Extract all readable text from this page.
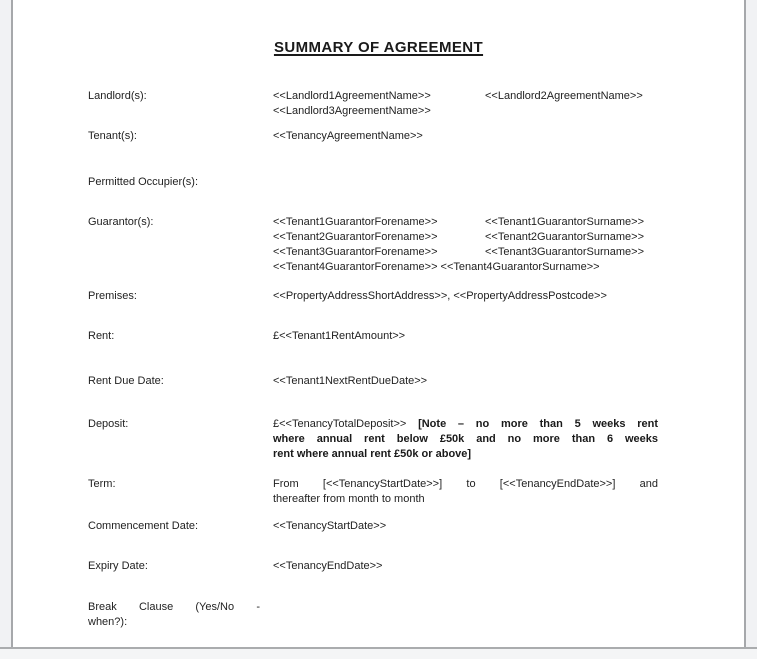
SUMMARY OF AGREEMENT
Landlord(s):	<<Landlord1AgreementName>>	<<Landlord2AgreementName>>
<<Landlord3AgreementName>>
Tenant(s):	<<TenancyAgreementName>>
Permitted Occupier(s):
Guarantor(s):	<<Tenant1GuarantorForename>>	<<Tenant1GuarantorSurname>>
<<Tenant2GuarantorForename>>	<<Tenant2GuarantorSurname>>
<<Tenant3GuarantorForename>>	<<Tenant3GuarantorSurname>>
<<Tenant4GuarantorForename>> <<Tenant4GuarantorSurname>>
Premises:	<<PropertyAddressShortAddress>>, <<PropertyAddressPostcode>>
Rent:	£<<Tenant1RentAmount>>
Rent Due Date:	<<Tenant1NextRentDueDate>>
Deposit:	£<<TenancyTotalDeposit>> [Note – no more than 5 weeks rent
where annual rent below £50k and no more than 6 weeks
rent where annual rent £50k or above]
Term:	From [<<TenancyStartDate>>] to [<<TenancyEndDate>>] and
thereafter from month to month
Commencement Date:	<<TenancyStartDate>>
Expiry Date:	<<TenancyEndDate>>
Break Clause (Yes/No -
when?):
